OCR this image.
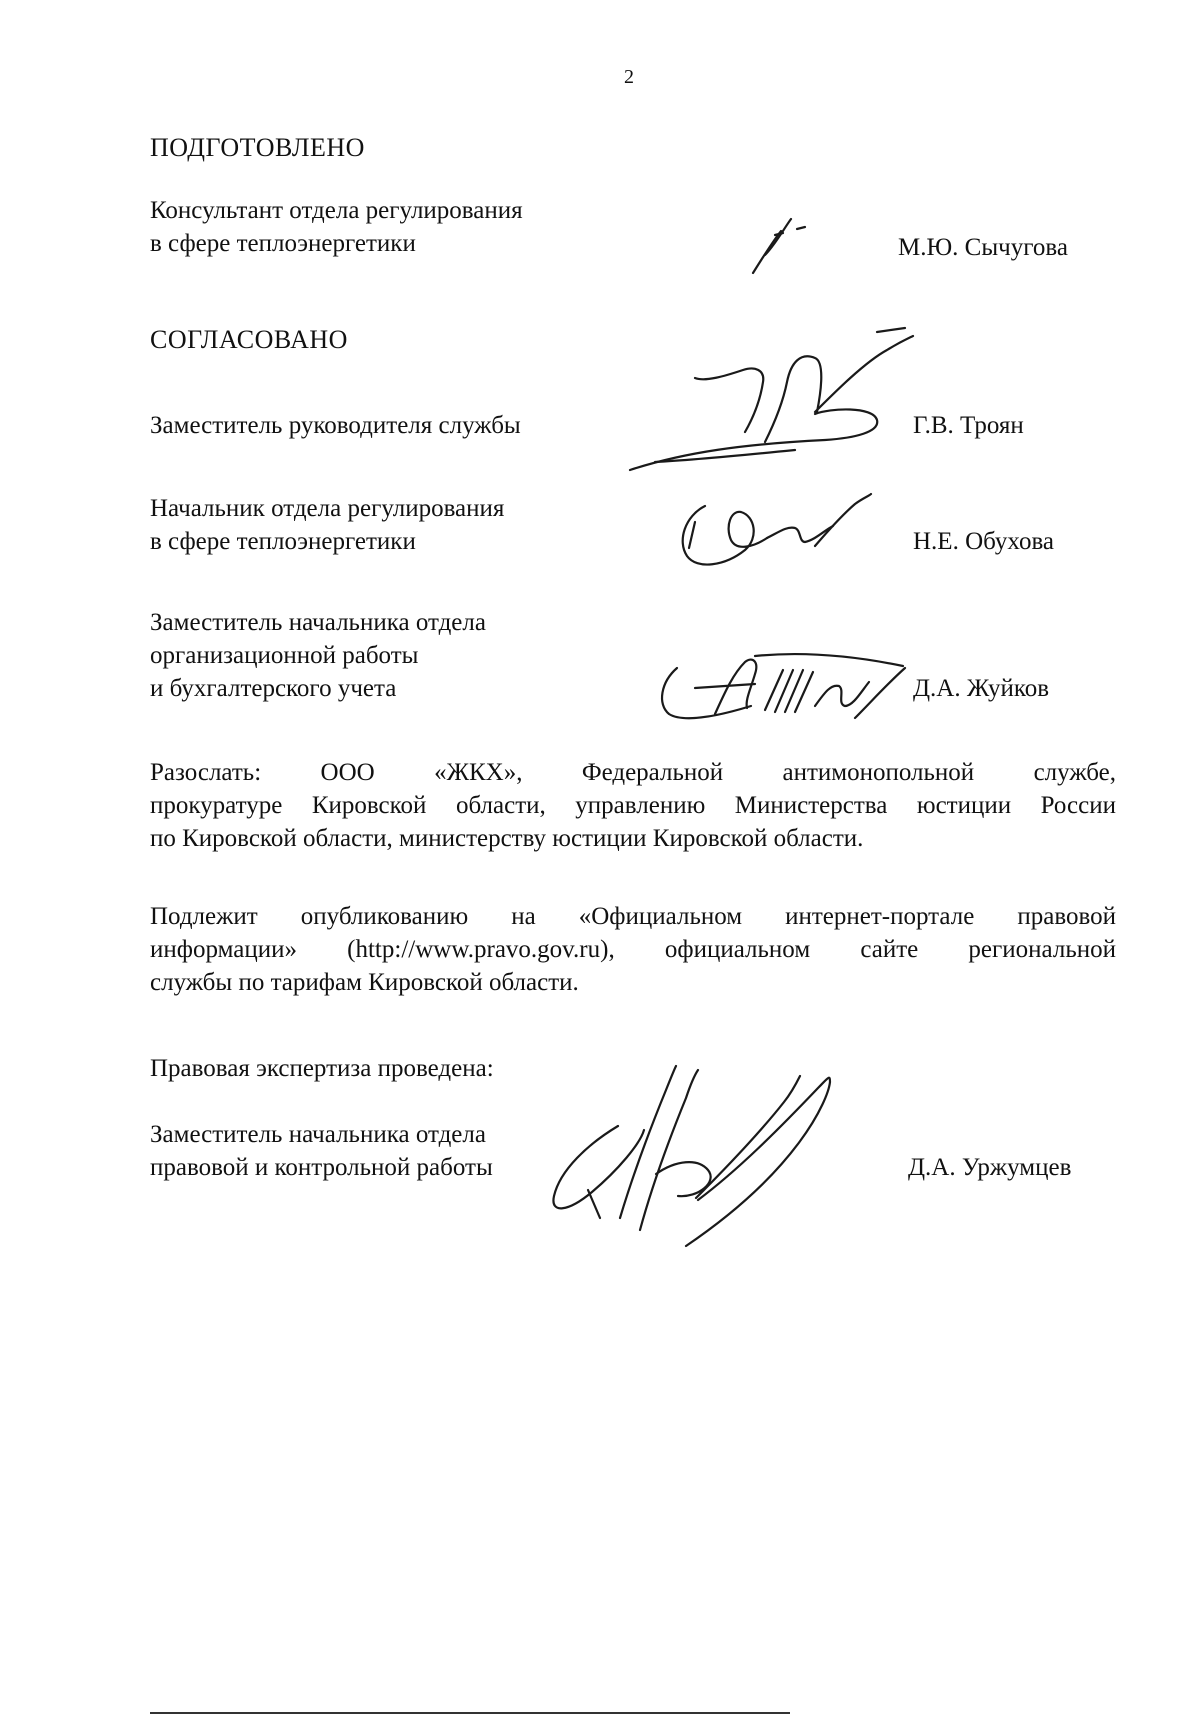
2
ПОДГОТОВЛЕНО
Консультант отдела регулирования
в сфере теплоэнергетики	М.Ю. Сычугова
СОГЛАСОВАНО
Заместитель руководителя службы	Г.В. Троян
Начальник отдела регулирования
в сфере теплоэнергетики	Н.Е. Обухова
Заместитель начальника отдела
организационной работы
и бухгалтерского учета	Д.А. Жуйков
Разослать: ООО «ЖКХ», Федеральной антимонопольной службе,
прокуратуре Кировской области, управлению Министерства юстиции России
по Кировской области, министерству юстиции Кировской области.
Подлежит опубликованию на «Официальном интернет-портале правовой
информации» (http://www.pravo.gov.ru), официальном сайте региональной
службы по тарифам Кировской области.
Правовая экспертиза проведена:
Заместитель начальника отдела
правовой и контрольной работы	Д.А. Уржумцев
